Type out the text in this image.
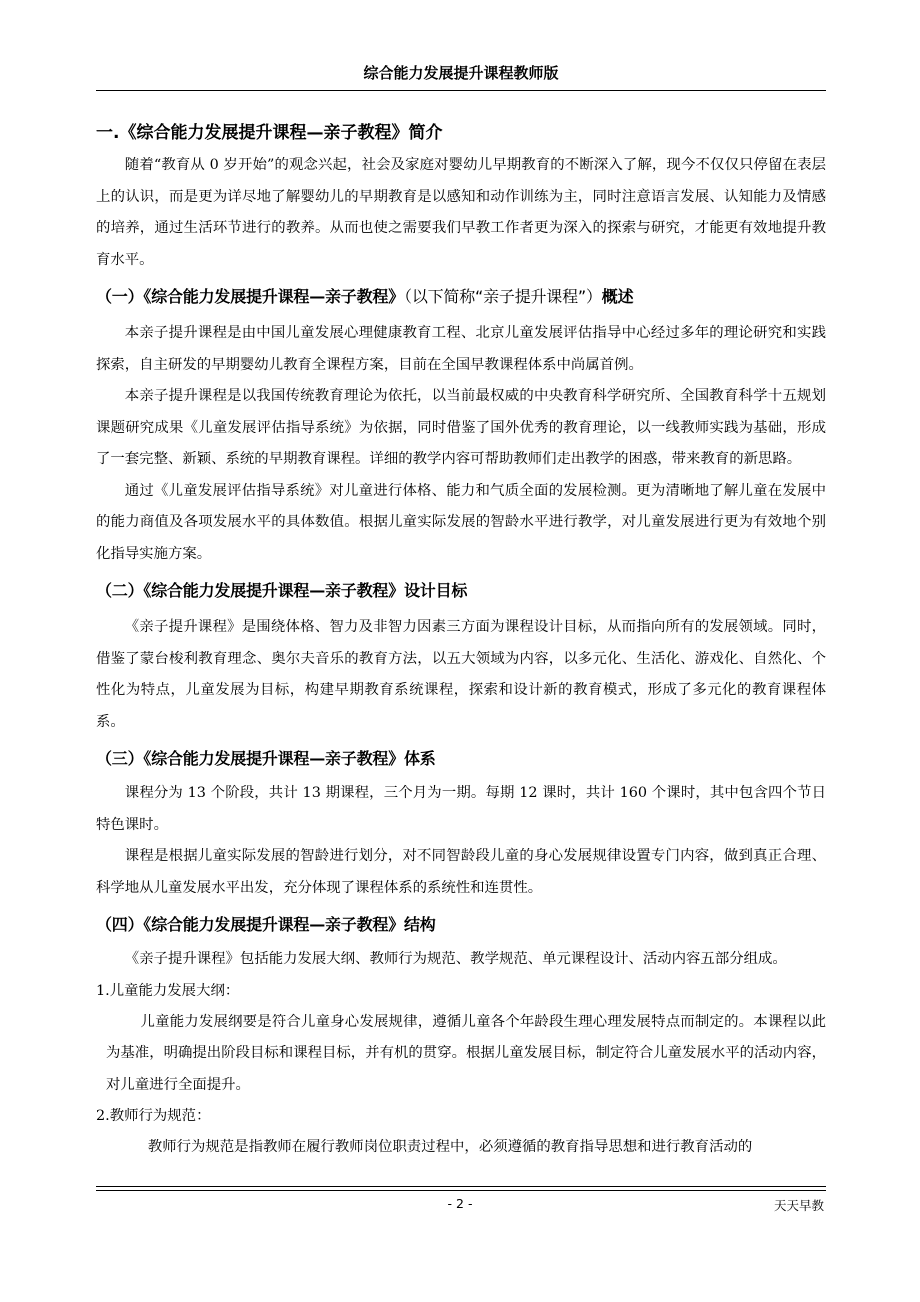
综合能力发展提升课程教师版
一.《综合能力发展提升课程—亲子教程》简介

随着“教育从 0 岁开始”的观念兴起，社会及家庭对婴幼儿早期教育的不断深入了解，现今不仅仅只停留在表层上的认识，而是更为详尽地了解婴幼儿的早期教育是以感知和动作训练为主，同时注意语言发展、认知能力及情感的培养，通过生活环节进行的教养。从而也使之需要我们早教工作者更为深入的探索与研究，才能更有效地提升教育水平。

（一）《综合能力发展提升课程—亲子教程》（以下简称“亲子提升课程”）概述

本亲子提升课程是由中国儿童发展心理健康教育工程、北京儿童发展评估指导中心经过多年的理论研究和实践探索，自主研发的早期婴幼儿教育全课程方案，目前在全国早教课程体系中尚属首例。

本亲子提升课程是以我国传统教育理论为依托，以当前最权威的中央教育科学研究所、全国教育科学十五规划课题研究成果《儿童发展评估指导系统》为依据，同时借鉴了国外优秀的教育理论，以一线教师实践为基础，形成了一套完整、新颖、系统的早期教育课程。详细的教学内容可帮助教师们走出教学的困惑，带来教育的新思路。

通过《儿童发展评估指导系统》对儿童进行体格、能力和气质全面的发展检测。更为清晰地了解儿童在发展中的能力商值及各项发展水平的具体数值。根据儿童实际发展的智龄水平进行教学，对儿童发展进行更为有效地个别化指导实施方案。

（二）《综合能力发展提升课程—亲子教程》设计目标

《亲子提升课程》是围绕体格、智力及非智力因素三方面为课程设计目标，从而指向所有的发展领域。同时，借鉴了蒙台梭利教育理念、奥尔夫音乐的教育方法，以五大领域为内容，以多元化、生活化、游戏化、自然化、个性化为特点，儿童发展为目标，构建早期教育系统课程，探索和设计新的教育模式，形成了多元化的教育课程体系。

（三）《综合能力发展提升课程—亲子教程》体系

课程分为 13 个阶段，共计 13 期课程，三个月为一期。每期 12 课时，共计 160 个课时，其中包含四个节日特色课时。

课程是根据儿童实际发展的智龄进行划分，对不同智龄段儿童的身心发展规律设置专门内容，做到真正合理、科学地从儿童发展水平出发，充分体现了课程体系的系统性和连贯性。

（四）《综合能力发展提升课程—亲子教程》结构

《亲子提升课程》包括能力发展大纲、教师行为规范、教学规范、单元课程设计、活动内容五部分组成。

1.儿童能力发展大纲：

儿童能力发展纲要是符合儿童身心发展规律，遵循儿童各个年龄段生理心理发展特点而制定的。本课程以此为基准，明确提出阶段目标和课程目标，并有机的贯穿。根据儿童发展目标，制定符合儿童发展水平的活动内容，对儿童进行全面提升。

2.教师行为规范：

教师行为规范是指教师在履行教师岗位职责过程中，必须遵循的教育指导思想和进行教育活动的

- 2 -	天天早教
